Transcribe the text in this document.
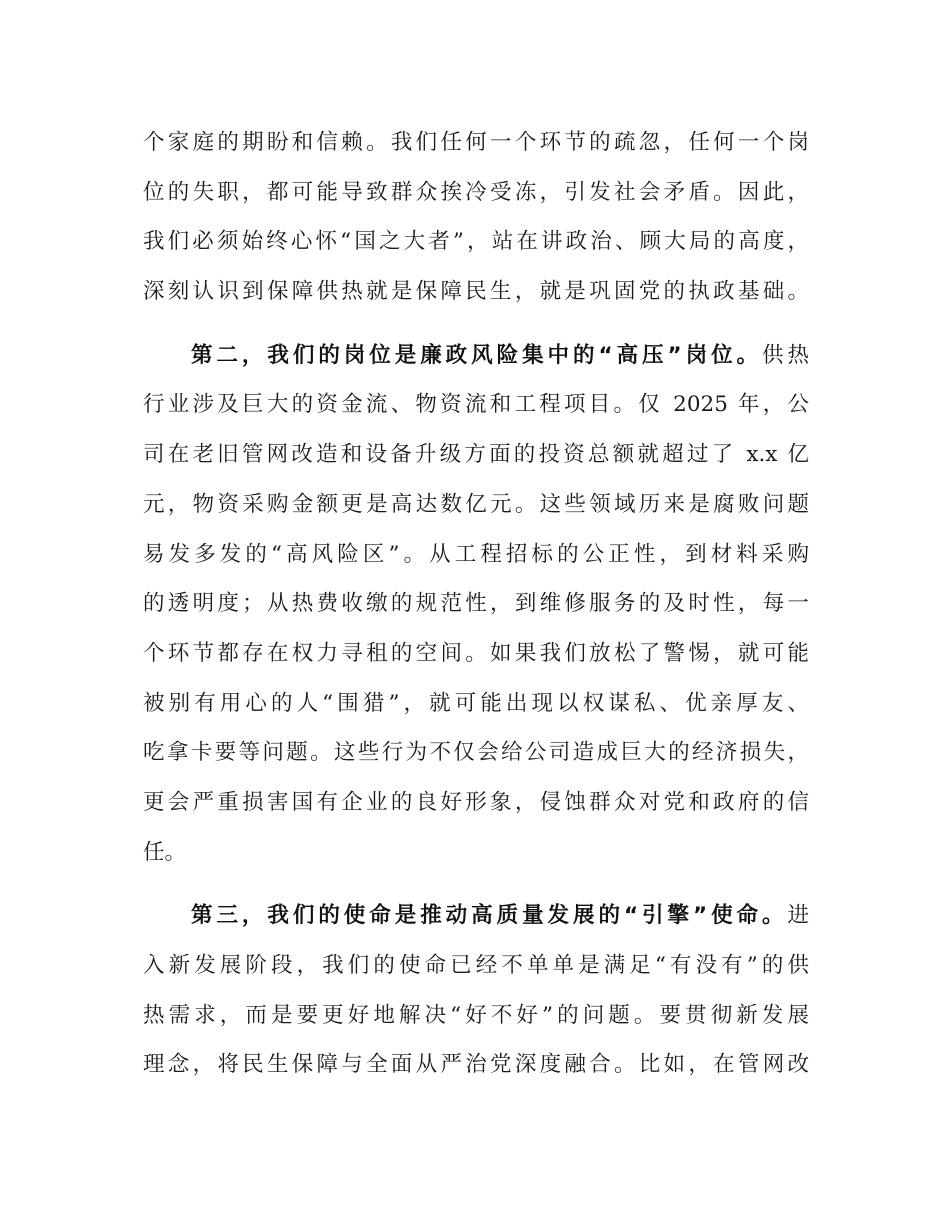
个家庭的期盼和信赖。我们任何一个环节的疏忽，任何一个岗
位的失职，都可能导致群众挨冷受冻，引发社会矛盾。因此，
我们必须始终心怀“国之大者”，站在讲政治、顾大局的高度，
深刻认识到保障供热就是保障民生，就是巩固党的执政基础。
第二，我们的岗位是廉政风险集中的“高压”岗位。供热
行业涉及巨大的资金流、物资流和工程项目。仅 2025 年，公
司在老旧管网改造和设备升级方面的投资总额就超过了 x.x 亿
元，物资采购金额更是高达数亿元。这些领域历来是腐败问题
易发多发的“高风险区”。从工程招标的公正性，到材料采购
的透明度；从热费收缴的规范性，到维修服务的及时性，每一
个环节都存在权力寻租的空间。如果我们放松了警惕，就可能
被别有用心的人“围猎”，就可能出现以权谋私、优亲厚友、
吃拿卡要等问题。这些行为不仅会给公司造成巨大的经济损失，
更会严重损害国有企业的良好形象，侵蚀群众对党和政府的信
任。
第三，我们的使命是推动高质量发展的“引擎”使命。进
入新发展阶段，我们的使命已经不单单是满足“有没有”的供
热需求，而是要更好地解决“好不好”的问题。要贯彻新发展
理念，将民生保障与全面从严治党深度融合。比如，在管网改
